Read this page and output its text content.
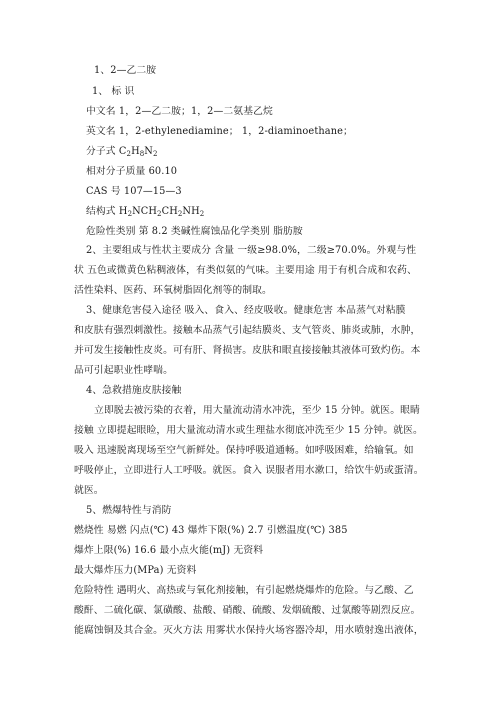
1、2—乙二胺
1、 标 识
中文名 1，2—乙二胺；1，2—二氨基乙烷
英文名 1，2-ethylenediamine； 1，2-diaminoethane；
分子式 $C_2H_8N_2$
相对分子质量 60.10
CAS 号 107—15—3
结构式 $H_2NCH_2CH_2NH_2$
危险性类别 第 8.2 类碱性腐蚀品化学类别 脂肪胺
2、主要组成与性状主要成分 含量 一级≥98.0%，二级≥70.0%。外观与性
状 五色或微黄色粘稠液体，有类似氨的气味。主要用途 用于有机合成和农药、
活性染料、医药、环氧树脂固化剂等的制取。
3、健康危害侵入途径 吸入、食入、经皮吸收。健康危害 本品蒸气对粘膜
和皮肤有强烈刺激性。接触本品蒸气引起结膜炎、支气管炎、肺炎或肺，水肿，
并可发生接触性皮炎。可有肝、肾损害。皮肤和眼直接接触其液体可致灼伤。本
品可引起职业性哮喘。
4、急救措施皮肤接触
立即脱去被污染的衣着，用大量流动清水冲洗，至少 15 分钟。就医。眼睛
接触 立即提起眼睑，用大量流动清水或生理盐水彻底冲洗至少 15 分钟。就医。
吸入 迅速脱离现场至空气新鲜处。保持呼吸道通畅。如呼吸困难，给输氧。如
呼吸停止，立即进行人工呼吸。就医。食入 误服者用水漱口，给饮牛奶或蛋清。
就医。
5、燃爆特性与消防
燃烧性 易燃 闪点(℃) 43 爆炸下限(%) 2.7 引燃温度(℃) 385
爆炸上限(%) 16.6 最小点火能(mJ) 无资料
最大爆炸压力(MPa) 无资料
危险特性 遇明火、高热或与氧化剂接触，有引起燃烧爆炸的危险。与乙酸、乙
酸酐、二硫化碳、氯磺酸、盐酸、硝酸、硫酸、发烟硫酸、过氯酸等剧烈反应。
能腐蚀铜及其合金。灭火方法 用雾状水保持火场容器冷却，用水喷射逸出液体，
